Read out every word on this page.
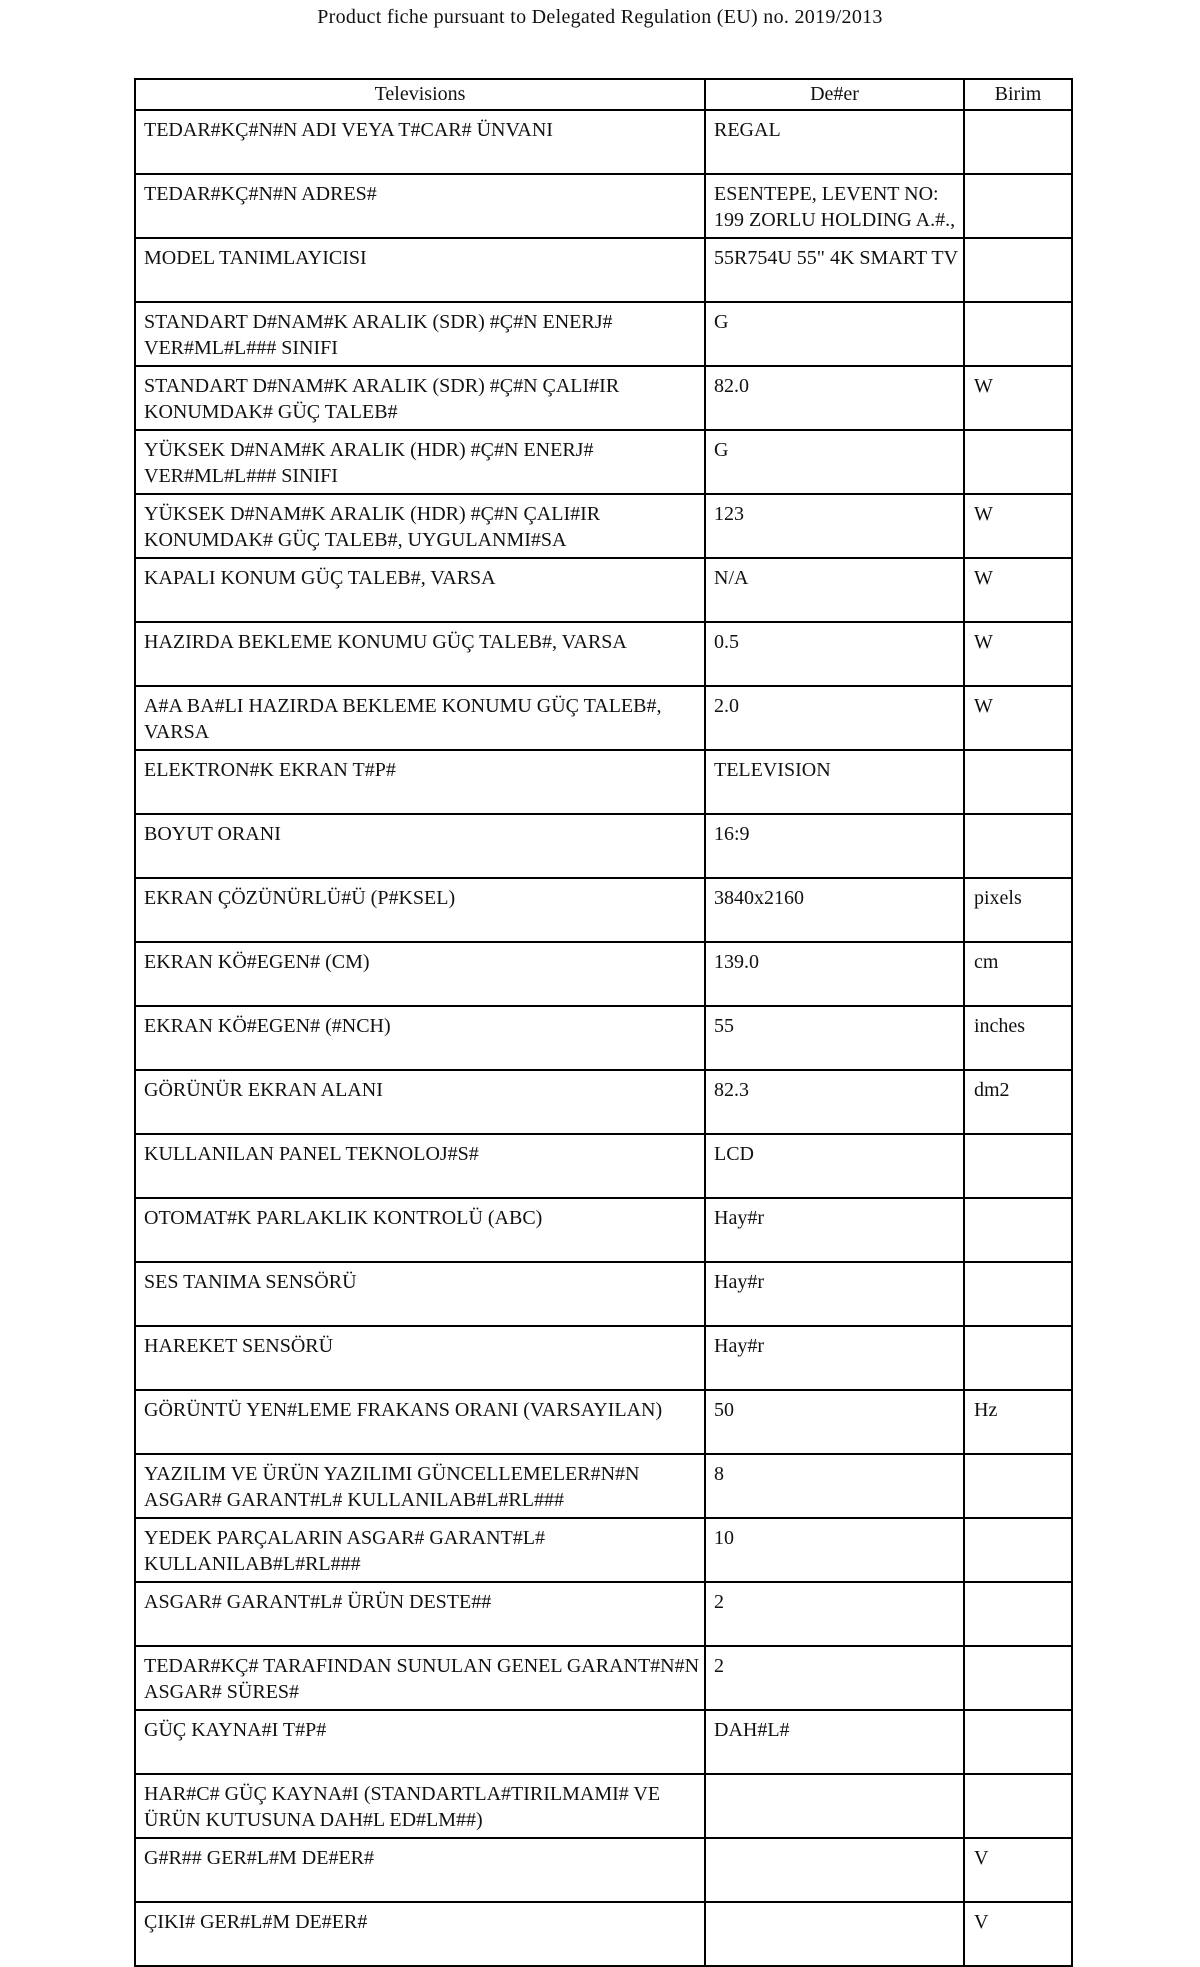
Product fiche pursuant to Delegated Regulation (EU) no. 2019/2013
Televisions	De#er	Birim

TEDAR#KÇ#N#N ADI VEYA T#CAR# ÜNVANI	REGAL	

TEDAR#KÇ#N#N ADRES#	ESENTEPE, LEVENT NO: 199 ZORLU HOLDING A.#.,	

MODEL TANIMLAYICISI	55R754U 55" 4K SMART TV	

STANDART D#NAM#K ARALIK (SDR) #Ç#N ENERJ# VER#ML#L### SINIFI	G	

STANDART D#NAM#K ARALIK (SDR) #Ç#N ÇALI#IR KONUMDAK# GÜÇ TALEB#	82.0	W

YÜKSEK D#NAM#K ARALIK (HDR) #Ç#N ENERJ# VER#ML#L### SINIFI	G	

YÜKSEK D#NAM#K ARALIK (HDR) #Ç#N ÇALI#IR KONUMDAK# GÜÇ TALEB#, UYGULANMI#SA	123	W

KAPALI KONUM GÜÇ TALEB#, VARSA	N/A	W

HAZIRDA BEKLEME KONUMU GÜÇ TALEB#, VARSA	0.5	W

A#A BA#LI HAZIRDA BEKLEME KONUMU GÜÇ TALEB#, VARSA	2.0	W

ELEKTRON#K EKRAN T#P#	TELEVISION	

BOYUT ORANI	16:9	

EKRAN ÇÖZÜNÜRLÜ#Ü (P#KSEL)	3840x2160	pixels

EKRAN KÖ#EGEN# (CM)	139.0	cm

EKRAN KÖ#EGEN# (#NCH)	55	inches

GÖRÜNÜR EKRAN ALANI	82.3	dm2

KULLANILAN PANEL TEKNOLOJ#S#	LCD	

OTOMAT#K PARLAKLIK KONTROLÜ (ABC)	Hay#r	

SES TANIMA SENSÖRÜ	Hay#r	

HAREKET SENSÖRÜ	Hay#r	

GÖRÜNTÜ YEN#LEME FRAKANS ORANI (VARSAYILAN)	50	Hz

YAZILIM VE ÜRÜN YAZILIMI GÜNCELLEMELER#N#N ASGAR# GARANT#L# KULLANILAB#L#RL###	8	

YEDEK PARÇALARIN ASGAR# GARANT#L# KULLANILAB#L#RL###	10	

ASGAR# GARANT#L# ÜRÜN DESTE##	2	

TEDAR#KÇ# TARAFINDAN SUNULAN GENEL GARANT#N#N ASGAR# SÜRES#	2	

GÜÇ KAYNA#I T#P#	DAH#L#	

HAR#C# GÜÇ KAYNA#I (STANDARTLA#TIRILMAMI# VE ÜRÜN KUTUSUNA DAH#L ED#LM##)		

G#R## GER#L#M DE#ER#		V

ÇIKI# GER#L#M DE#ER#		V
